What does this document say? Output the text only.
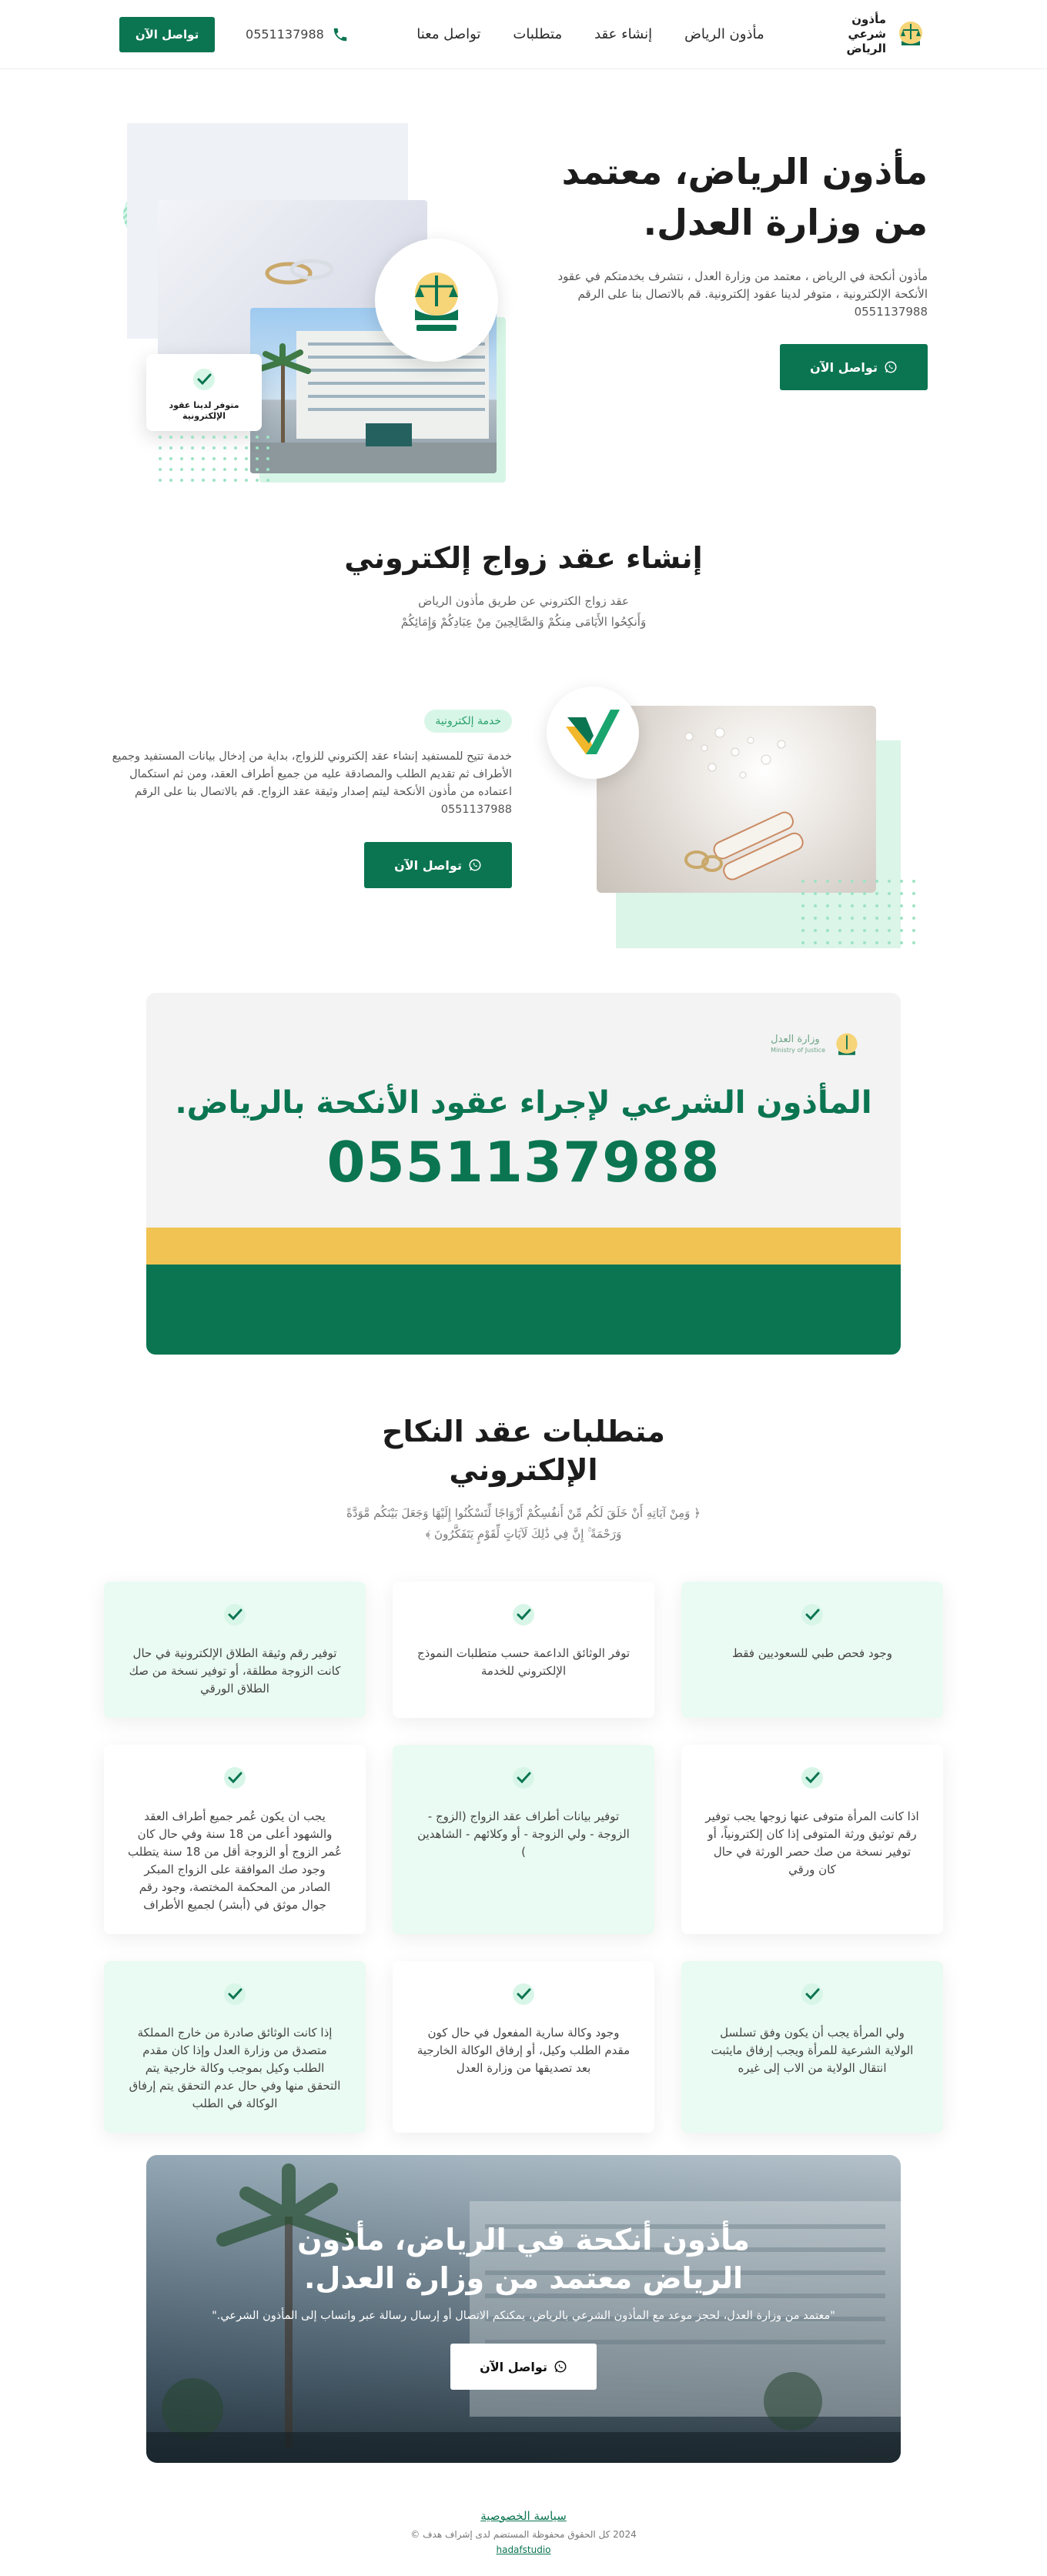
مأذون شرعي الرياض
مأذون الرياض
إنشاء عقد
متطلبات
تواصل معنا
0551137988
تواصل الآن
مأذون الرياض، معتمد من وزارة العدل.

مأذون أنكحة في الرياض ، معتمد من وزارة العدل ، نتشرف بخدمتكم في عقود الأنكحة الإلكترونية ، متوفر لدينا عقود إلكترونية. قم بالاتصال بنا على الرقم 0551137988

تواصل الآن
متوفر لدينا عقود الإلكترونية
إنشاء عقد زواج إلكتروني

عقد زواج الكتروني عن طريق مأذون الرياض
وَأَنكِحُوا الأَيَامَى مِنكُمْ وَالصَّالِحِينَ مِنْ عِبَادِكُمْ وَإِمَائِكُمْ

خدمة إلكترونية

خدمة تتيح للمستفيد إنشاء عقد إلكتروني للزواج، بداية من إدخال بيانات المستفيد وجميع الأطراف ثم تقديم الطلب والمصادقة عليه من جميع أطراف العقد، ومن ثم استكمال اعتماده من مأذون الأنكحة ليتم إصدار وثيقة عقد الزواج. قم بالاتصال بنا على الرقم 0551137988

تواصل الآن
وزارة العدل
Ministry of Justice
المأذون الشرعي لإجراء عقود الأنكحة بالرياض.
0551137988
متطلبات عقد النكاح
الإلكتروني

﴿ وَمِنْ آيَاتِهِ أَنْ خَلَقَ لَكُم مِّنْ أَنفُسِكُمْ أَزْوَاجًا لِّتَسْكُنُوا إِلَيْهَا وَجَعَلَ بَيْنَكُم مَّوَدَّةً
وَرَحْمَةً ۚ إِنَّ فِي ذَٰلِكَ لَآيَاتٍ لِّقَوْمٍ يَتَفَكَّرُونَ ﴾

وجود فحص طبي للسعوديين فقط

توفر الوثائق الداعمة حسب متطلبات النموذج الإلكتروني للخدمة

توفير رقم وثيقة الطلاق الإلكترونية في حال كانت الزوجة مطلقة، أو توفير نسخة من صك الطلاق الورقي

اذا كانت المرأة متوفى عنها زوجها يجب توفير رقم توثيق ورثة المتوفى إذا كان إلكترونياً، أو توفير نسخة من صك حصر الورثة في حال كان ورقي

توفير بيانات أطراف عقد الزواج (الزوج - الزوجة - ولي الزوجة - أو وكلائهم - الشاهدين )

يجب ان يكون عُمر جميع أطراف العقد والشهود أعلى من 18 سنة وفي حال كان عُمر الزوج أو الزوجة أقل من 18 سنة يتطلب وجود صك الموافقة على الزواج المبكر الصادر من المحكمة المختصة، وجود رقم جوال موثق في (أبشر) لجميع الأطراف

ولي المرأة يجب أن يكون وفق تسلسل الولاية الشرعية للمرأة ويجب إرفاق مايثبت انتقال الولاية من الاب إلى غيره

وجود وكالة سارية المفعول في حال كون مقدم الطلب وكيل، أو إرفاق الوكالة الخارجية بعد تصديقها من وزارة العدل

إذا كانت الوثائق صادرة من خارج المملكة متصدق من وزارة العدل وإذا كان مقدم الطلب وكيل بموجب وكالة خارجية يتم التحقق منها وفي حال عدم التحقق يتم إرفاق الوكالة في الطلب

مأذون أنكحة في الرياض، مأذون
الرياض معتمد من وزارة العدل.

"معتمد من وزارة العدل، لحجز موعد مع المأذون الشرعي بالرياض، يمكنكم الاتصال أو إرسال رسالة عبر واتساب إلى المأذون الشرعي."

تواصل الآن
سياسة الخصوصية
2024 كل الحقوق محفوظة المستضم لدى إشراف هدف ©
hadafstudio
